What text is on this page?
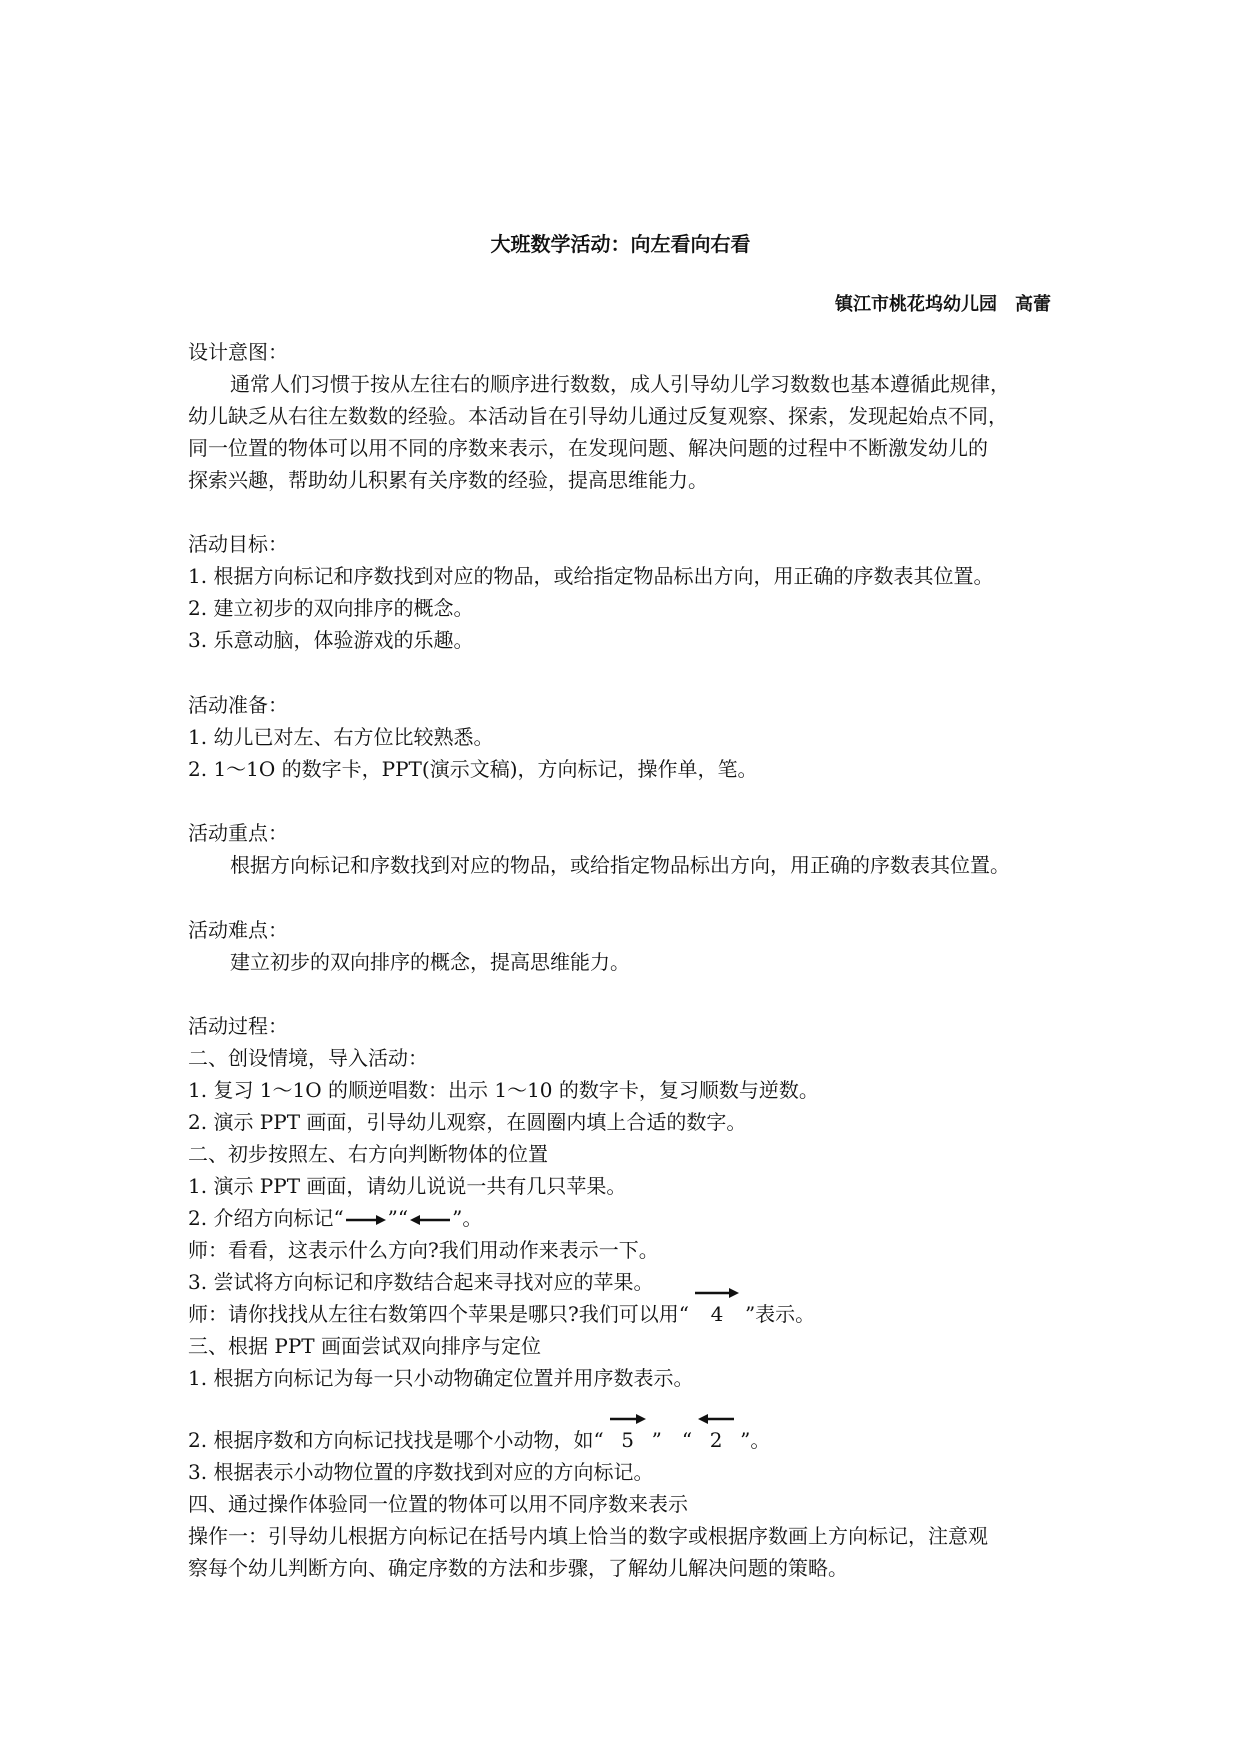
大班数学活动：向左看向右看
镇江市桃花坞幼儿园　高蕾
设计意图：
通常人们习惯于按从左往右的顺序进行数数，成人引导幼儿学习数数也基本遵循此规律，
幼儿缺乏从右往左数数的经验。本活动旨在引导幼儿通过反复观察、探索，发现起始点不同，
同一位置的物体可以用不同的序数来表示，在发现问题、解决问题的过程中不断激发幼儿的
探索兴趣，帮助幼儿积累有关序数的经验，提高思维能力。
活动目标：
1. 根据方向标记和序数找到对应的物品，或给指定物品标出方向，用正确的序数表其位置。
2. 建立初步的双向排序的概念。
3. 乐意动脑，体验游戏的乐趣。
活动准备：
1. 幼儿已对左、右方位比较熟悉。
2. 1～1O 的数字卡，PPT(演示文稿)，方向标记，操作单，笔。
活动重点：
根据方向标记和序数找到对应的物品，或给指定物品标出方向，用正确的序数表其位置。
活动难点：
建立初步的双向排序的概念，提高思维能力。
活动过程：
二、创设情境，导入活动：
1. 复习 1～1O 的顺逆唱数：出示 1～10 的数字卡，复习顺数与逆数。
2. 演示 PPT 画面，引导幼儿观察，在圆圈内填上合适的数字。
二、初步按照左、右方向判断物体的位置
1. 演示 PPT 画面，请幼儿说说一共有几只苹果。
2. 介绍方向标记“ ”“ ”。
师：看看，这表示什么方向?我们用动作来表示一下。
3. 尝试将方向标记和序数结合起来寻找对应的苹果。
师：请你找找从左往右数第四个苹果是哪只?我们可以用“ 4 ”表示。
三、根据 PPT 画面尝试双向排序与定位
1. 根据方向标记为每一只小动物确定位置并用序数表示。
2. 根据序数和方向标记找找是哪个小动物，如“ 5 ”　“ 2 ”。
3. 根据表示小动物位置的序数找到对应的方向标记。
四、通过操作体验同一位置的物体可以用不同序数来表示
操作一：引导幼儿根据方向标记在括号内填上恰当的数字或根据序数画上方向标记，注意观
察每个幼儿判断方向、确定序数的方法和步骤，了解幼儿解决问题的策略。
